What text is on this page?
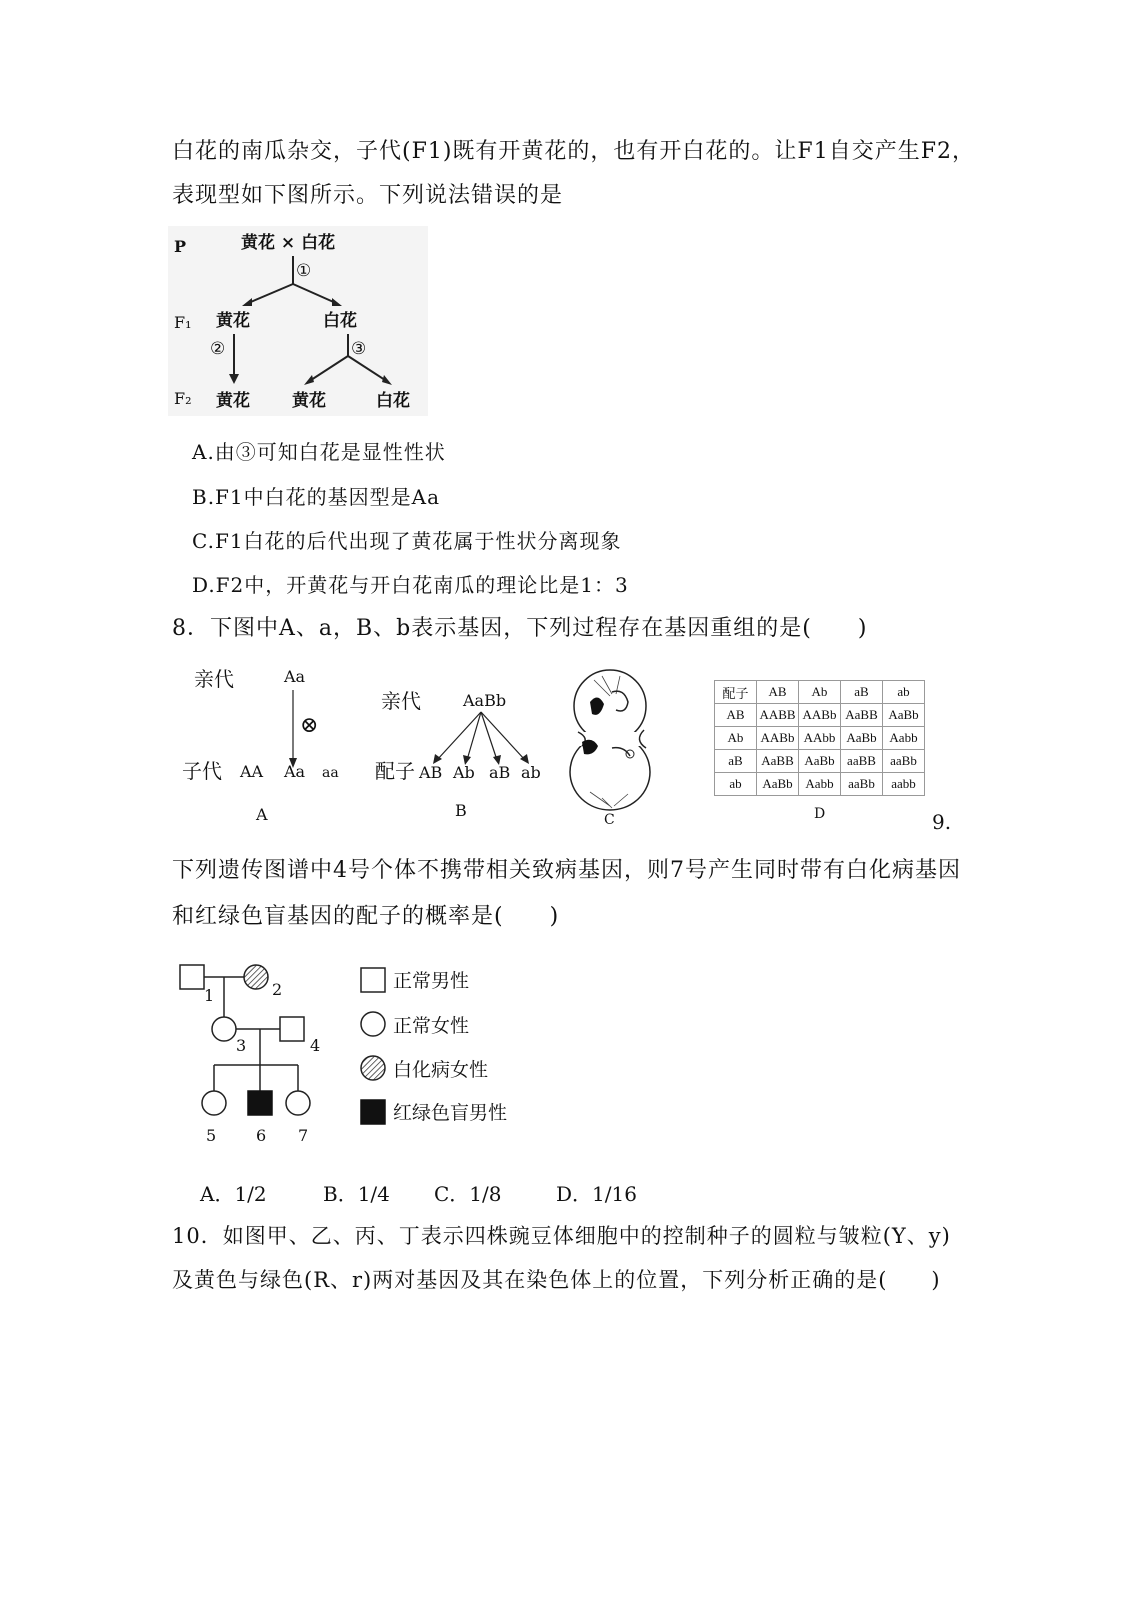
白花的南瓜杂交，子代(F1)既有开黄花的，也有开白花的。让F1自交产生F2，
表现型如下图所示。下列说法错误的是
P
F₁
F₂
黄花 × 白花
①
黄花	白花
②	③
黄花 黄花	白花
A.由③可知白花是显性性状
B.F1中白花的基因型是Aa
C.F1白花的后代出现了黄花属于性状分离现象
D.F2中，开黄花与开白花南瓜的理论比是1：3
8．下图中A、a，B、b表示基因，下列过程存在基因重组的是(　　)
亲代	Aa
⊗
子代 AA Aa aa
A
亲代	AaBb
配子 AB Ab aB ab
B	C
配子	AB	Ab	aB	ab
AB	AABB	AABb	AaBB	AaBb
Ab	AABb	AAbb	AaBb	Aabb
aB	AaBB	AaBb	aaBB	aaBb
ab	AaBb	Aabb	aaBb	aabb
D	9.
下列遗传图谱中4号个体不携带相关致病基因，则7号产生同时带有白化病基因
和红绿色盲基因的配子的概率是(　　)
1	2
3	4
5 6 7
正常男性
正常女性
白化病女性
红绿色盲男性
A．1/2	B．1/4 C．1/8	D．1/16
10．如图甲、乙、丙、丁表示四株豌豆体细胞中的控制种子的圆粒与皱粒(Y、y)
及黄色与绿色(R、r)两对基因及其在染色体上的位置，下列分析正确的是(　　)
